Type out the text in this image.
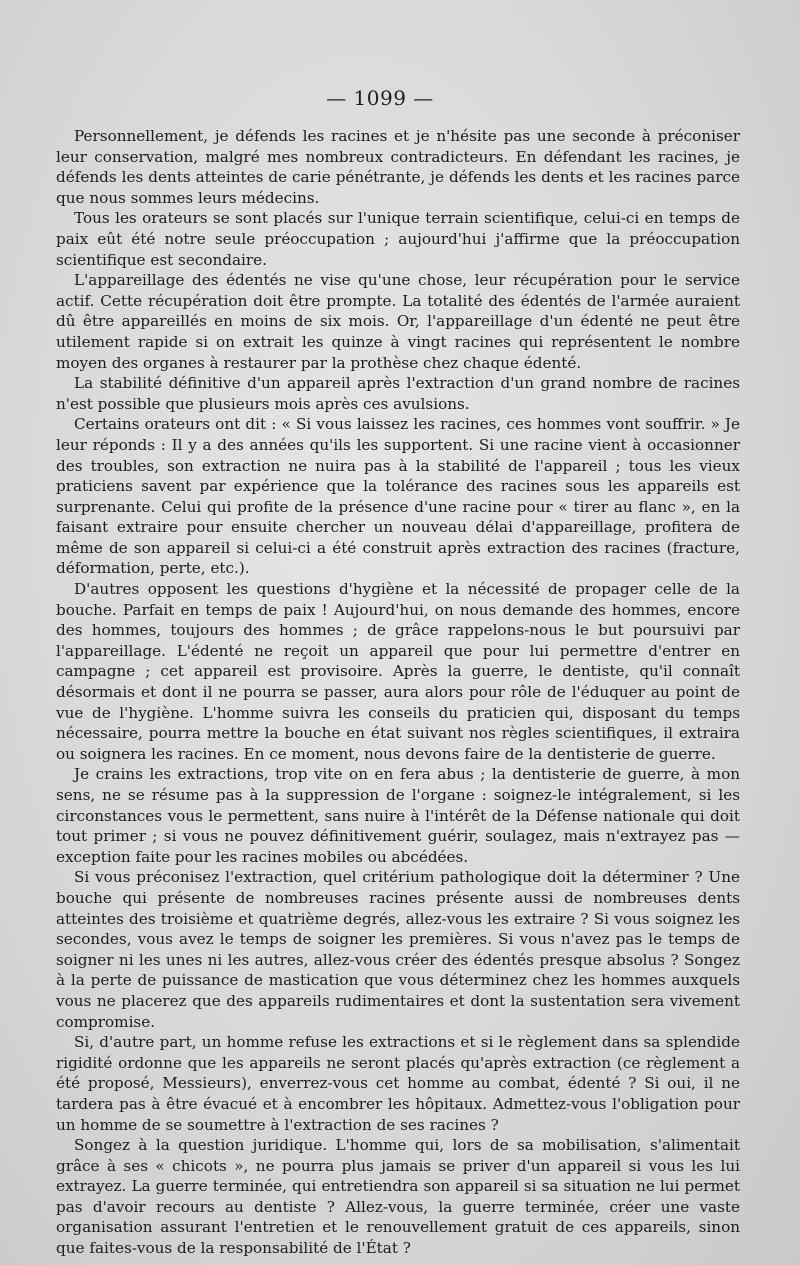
— 1099 —

Personnellement, je défends les racines et je n'hésite pas une seconde à préconiser leur conservation, malgré mes nombreux contradicteurs. En défendant les racines, je défends les dents atteintes de carie pénétrante, je défends les dents et les racines parce que nous sommes leurs médecins.

Tous les orateurs se sont placés sur l'unique terrain scientifique, celui-ci en temps de paix eût été notre seule préoccupation ; aujourd'hui j'affirme que la préoccupation scientifique est secondaire.

L'appareillage des édentés ne vise qu'une chose, leur récupération pour le service actif. Cette récupération doit être prompte. La totalité des édentés de l'armée auraient dû être appareillés en moins de six mois. Or, l'appareillage d'un édenté ne peut être utilement rapide si on extrait les quinze à vingt racines qui représentent le nombre moyen des organes à restaurer par la prothèse chez chaque édenté.

La stabilité définitive d'un appareil après l'extraction d'un grand nombre de racines n'est possible que plusieurs mois après ces avulsions.

Certains orateurs ont dit : « Si vous laissez les racines, ces hommes vont souffrir. » Je leur réponds : Il y a des années qu'ils les supportent. Si une racine vient à occasionner des troubles, son extraction ne nuira pas à la stabilité de l'appareil ; tous les vieux praticiens savent par expérience que la tolérance des racines sous les appareils est surprenante. Celui qui profite de la présence d'une racine pour « tirer au flanc », en la faisant extraire pour ensuite chercher un nouveau délai d'appareillage, profitera de même de son appareil si celui-ci a été construit après extraction des racines (fracture, déformation, perte, etc.).

D'autres opposent les questions d'hygiène et la nécessité de propager celle de la bouche. Parfait en temps de paix ! Aujourd'hui, on nous demande des hommes, encore des hommes, toujours des hommes ; de grâce rappelons-nous le but poursuivi par l'appareillage. L'édenté ne reçoit un appareil que pour lui permettre d'entrer en campagne ; cet appareil est provisoire. Après la guerre, le dentiste, qu'il connaît désormais et dont il ne pourra se passer, aura alors pour rôle de l'éduquer au point de vue de l'hygiène. L'homme suivra les conseils du praticien qui, disposant du temps nécessaire, pourra mettre la bouche en état suivant nos règles scientifiques, il extraira ou soignera les racines. En ce moment, nous devons faire de la dentisterie de guerre.

Je crains les extractions, trop vite on en fera abus ; la dentisterie de guerre, à mon sens, ne se résume pas à la suppression de l'organe : soignez-le intégralement, si les circonstances vous le permettent, sans nuire à l'intérêt de la Défense nationale qui doit tout primer ; si vous ne pouvez définitivement guérir, soulagez, mais n'extrayez pas — exception faite pour les racines mobiles ou abcédées.

Si vous préconisez l'extraction, quel critérium pathologique doit la déterminer ? Une bouche qui présente de nombreuses racines présente aussi de nombreuses dents atteintes des troisième et quatrième degrés, allez-vous les extraire ? Si vous soignez les secondes, vous avez le temps de soigner les premières. Si vous n'avez pas le temps de soigner ni les unes ni les autres, allez-vous créer des édentés presque absolus ? Songez à la perte de puissance de mastication que vous déterminez chez les hommes auxquels vous ne placerez que des appareils rudimentaires et dont la sustentation sera vivement compromise.

Si, d'autre part, un homme refuse les extractions et si le règlement dans sa splendide rigidité ordonne que les appareils ne seront placés qu'après extraction (ce règlement a été proposé, Messieurs), enverrez-vous cet homme au combat, édenté ? Si oui, il ne tardera pas à être évacué et à encombrer les hôpitaux. Admettez-vous l'obligation pour un homme de se soumettre à l'extraction de ses racines ?

Songez à la question juridique. L'homme qui, lors de sa mobilisation, s'alimentait grâce à ses « chicots », ne pourra plus jamais se priver d'un appareil si vous les lui extrayez. La guerre terminée, qui entretiendra son appareil si sa situation ne lui permet pas d'avoir recours au dentiste ? Allez-vous, la guerre terminée, créer une vaste organisation assurant l'entretien et le renouvellement gratuit de ces appareils, sinon que faites-vous de la responsabilité de l'État ?
